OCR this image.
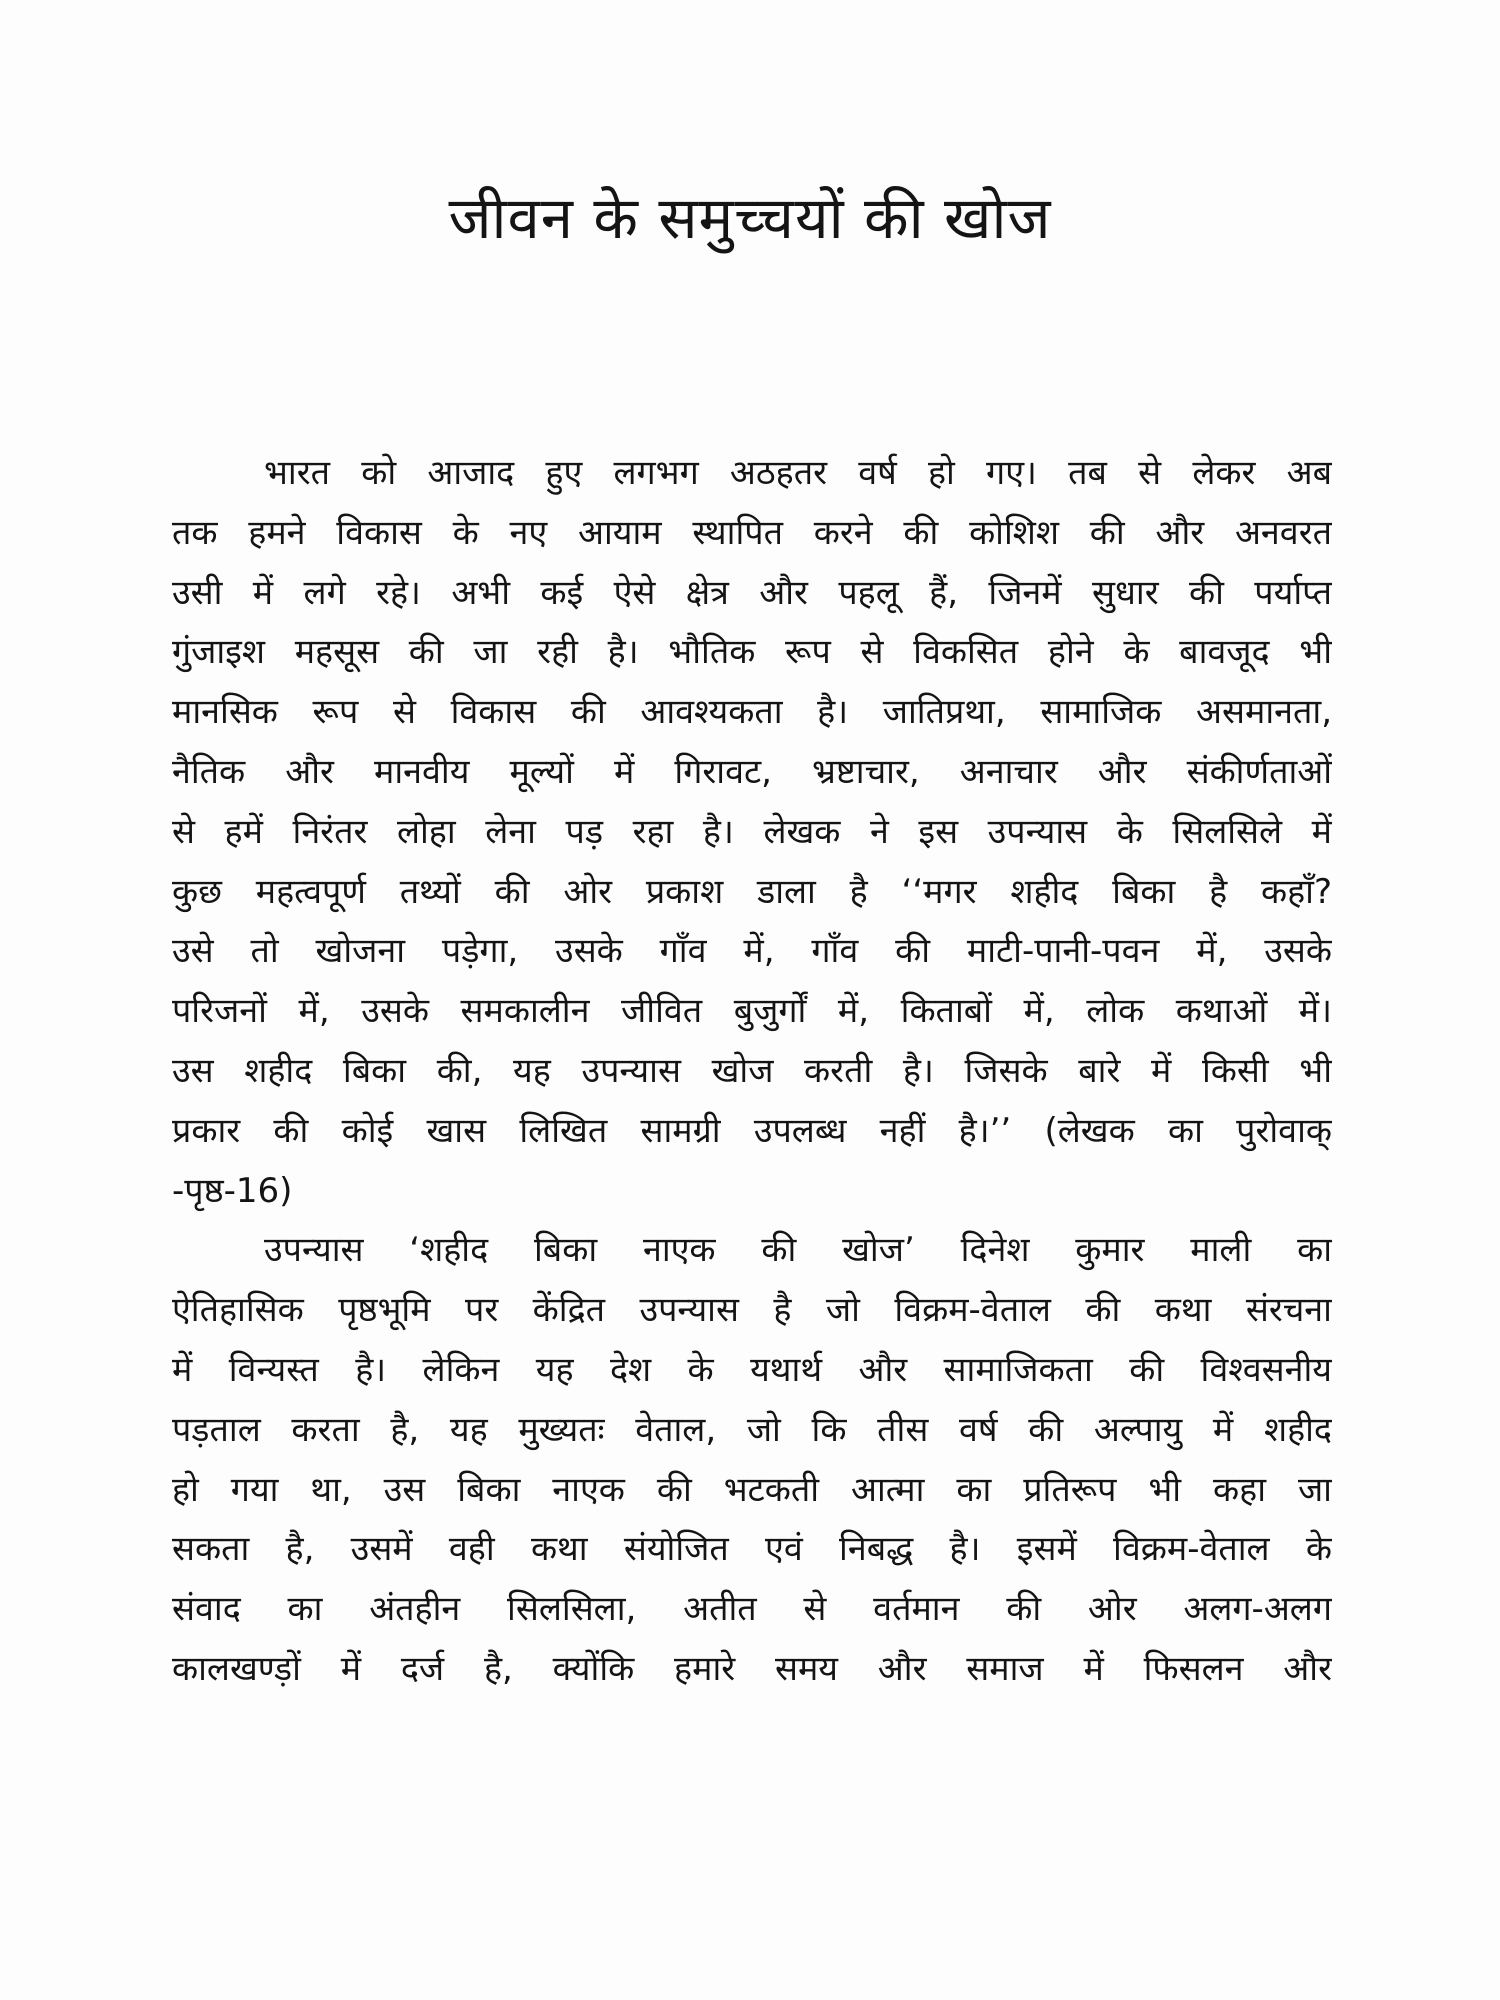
जीवन के समुच्चयों की खोज
भारत को आजाद हुए लगभग अठहतर वर्ष हो गए। तब से लेकर अब
तक हमने विकास के नए आयाम स्थापित करने की कोशिश की और अनवरत
उसी में लगे रहे। अभी कई ऐसे क्षेत्र और पहलू हैं, जिनमें सुधार की पर्याप्त
गुंजाइश महसूस की जा रही है। भौतिक रूप से विकसित होने के बावजूद भी
मानसिक रूप से विकास की आवश्यकता है। जातिप्रथा, सामाजिक असमानता,
नैतिक और मानवीय मूल्यों में गिरावट, भ्रष्टाचार, अनाचार और संकीर्णताओं
से हमें निरंतर लोहा लेना पड़ रहा है। लेखक ने इस उपन्यास के सिलसिले में
कुछ महत्वपूर्ण तथ्यों की ओर प्रकाश डाला है ‘‘मगर शहीद बिका है कहाँ?
उसे तो खोजना पड़ेगा, उसके गाँव में, गाँव की माटी-पानी-पवन में, उसके
परिजनों में, उसके समकालीन जीवित बुजुर्गों में, किताबों में, लोक कथाओं में।
उस शहीद बिका की, यह उपन्यास खोज करती है। जिसके बारे में किसी भी
प्रकार की कोई खास लिखित सामग्री उपलब्ध नहीं है।’’ (लेखक का पुरोवाक्
-पृष्ठ-16)
उपन्यास ‘शहीद बिका नाएक की खोज’ दिनेश कुमार माली का
ऐतिहासिक पृष्ठभूमि पर केंद्रित उपन्यास है जो विक्रम-वेताल की कथा संरचना
में विन्यस्त है। लेकिन यह देश के यथार्थ और सामाजिकता की विश्वसनीय
पड़ताल करता है, यह मुख्यतः वेताल, जो कि तीस वर्ष की अल्पायु में शहीद
हो गया था, उस बिका नाएक की भटकती आत्मा का प्रतिरूप भी कहा जा
सकता है, उसमें वही कथा संयोजित एवं निबद्ध है। इसमें विक्रम-वेताल के
संवाद का अंतहीन सिलसिला, अतीत से वर्तमान की ओर अलग-अलग
कालखण्ड़ों में दर्ज है, क्योंकि हमारे समय और समाज में फिसलन और
